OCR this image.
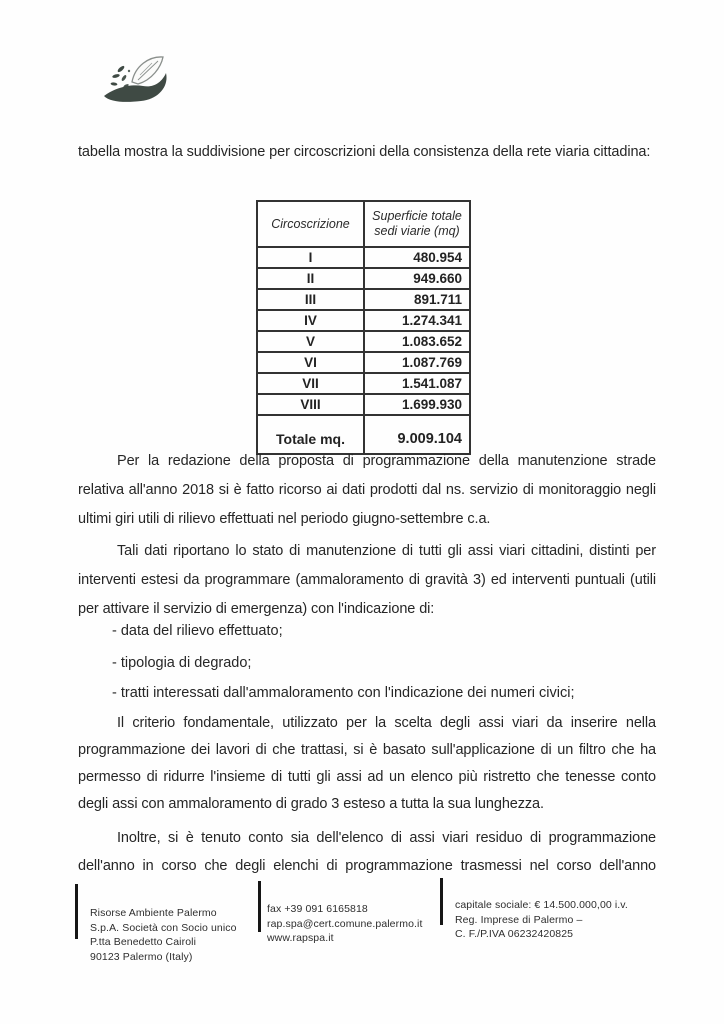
tabella mostra la suddivisione per circoscrizioni della consistenza della rete viaria cittadina:

Circoscrizione	Superficie totale sedi viarie (mq)
I	480.954
II	949.660
III	891.711
IV	1.274.341
V	1.083.652
VI	1.087.769
VII	1.541.087
VIII	1.699.930
Totale mq.	9.009.104

Per la redazione della proposta di programmazione della manutenzione strade relativa all'anno 2018 si è fatto ricorso ai dati prodotti dal ns. servizio di monitoraggio negli ultimi giri utili di rilievo effettuati nel periodo giugno-settembre c.a.

Tali dati riportano lo stato di manutenzione di tutti gli assi viari cittadini, distinti per interventi estesi da programmare (ammaloramento di gravità 3) ed interventi puntuali (utili per attivare il servizio di emergenza) con l'indicazione di:

- data del rilievo effettuato;

- tipologia di degrado;

- tratti interessati dall'ammaloramento con l'indicazione dei numeri civici;

Il criterio fondamentale, utilizzato per la scelta degli assi viari da inserire nella programmazione dei lavori di che trattasi, si è basato sull'applicazione di un filtro che ha permesso di ridurre l'insieme di tutti gli assi ad un elenco più ristretto che tenesse conto degli assi con ammaloramento di grado 3 esteso a tutta la sua lunghezza.

Inoltre, si è tenuto conto sia dell'elenco di assi viari residuo di programmazione dell'anno in corso che degli elenchi di programmazione trasmessi nel corso dell'anno

Risorse Ambiente Palermo
S.p.A. Società con Socio unico
P.tta Benedetto Cairoli
90123 Palermo (Italy)
fax +39 091 6165818
rap.spa@cert.comune.palermo.it
www.rapspa.it
capitale sociale: € 14.500.000,00 i.v.
Reg. Imprese di Palermo –
C. F./P.IVA 06232420825
